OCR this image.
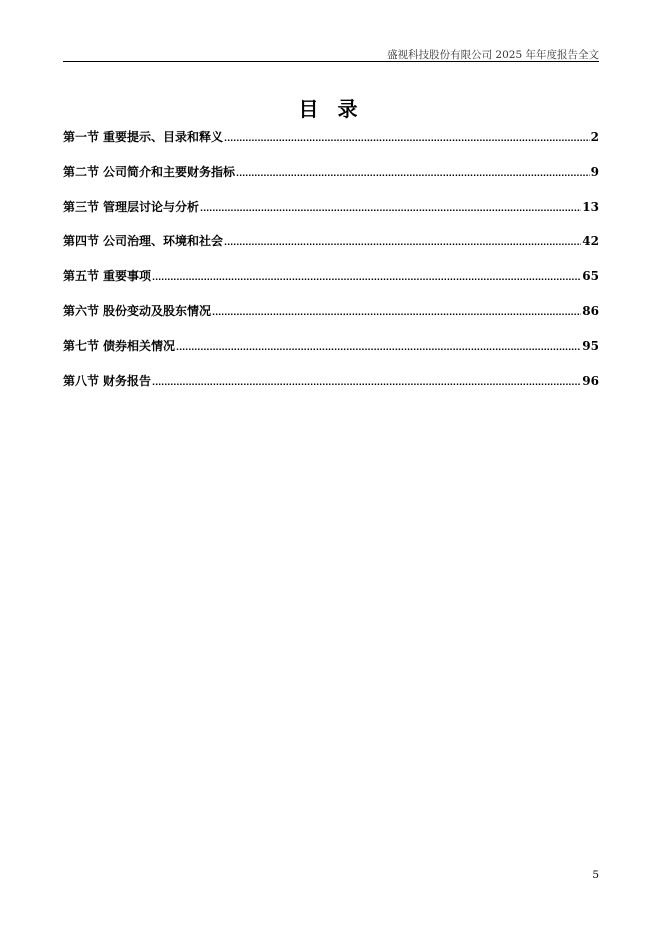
盛视科技股份有限公司 2025 年年度报告全文
目 录
第一节 重要提示、目录和释义 .....	2
第二节 公司简介和主要财务指标 .....	9
第三节 管理层讨论与分析 .....	13
第四节 公司治理、环境和社会 .....	42
第五节 重要事项 .....	65
第六节 股份变动及股东情况 .....	86
第七节 债券相关情况 .....	95
第八节 财务报告 .....	96
5
